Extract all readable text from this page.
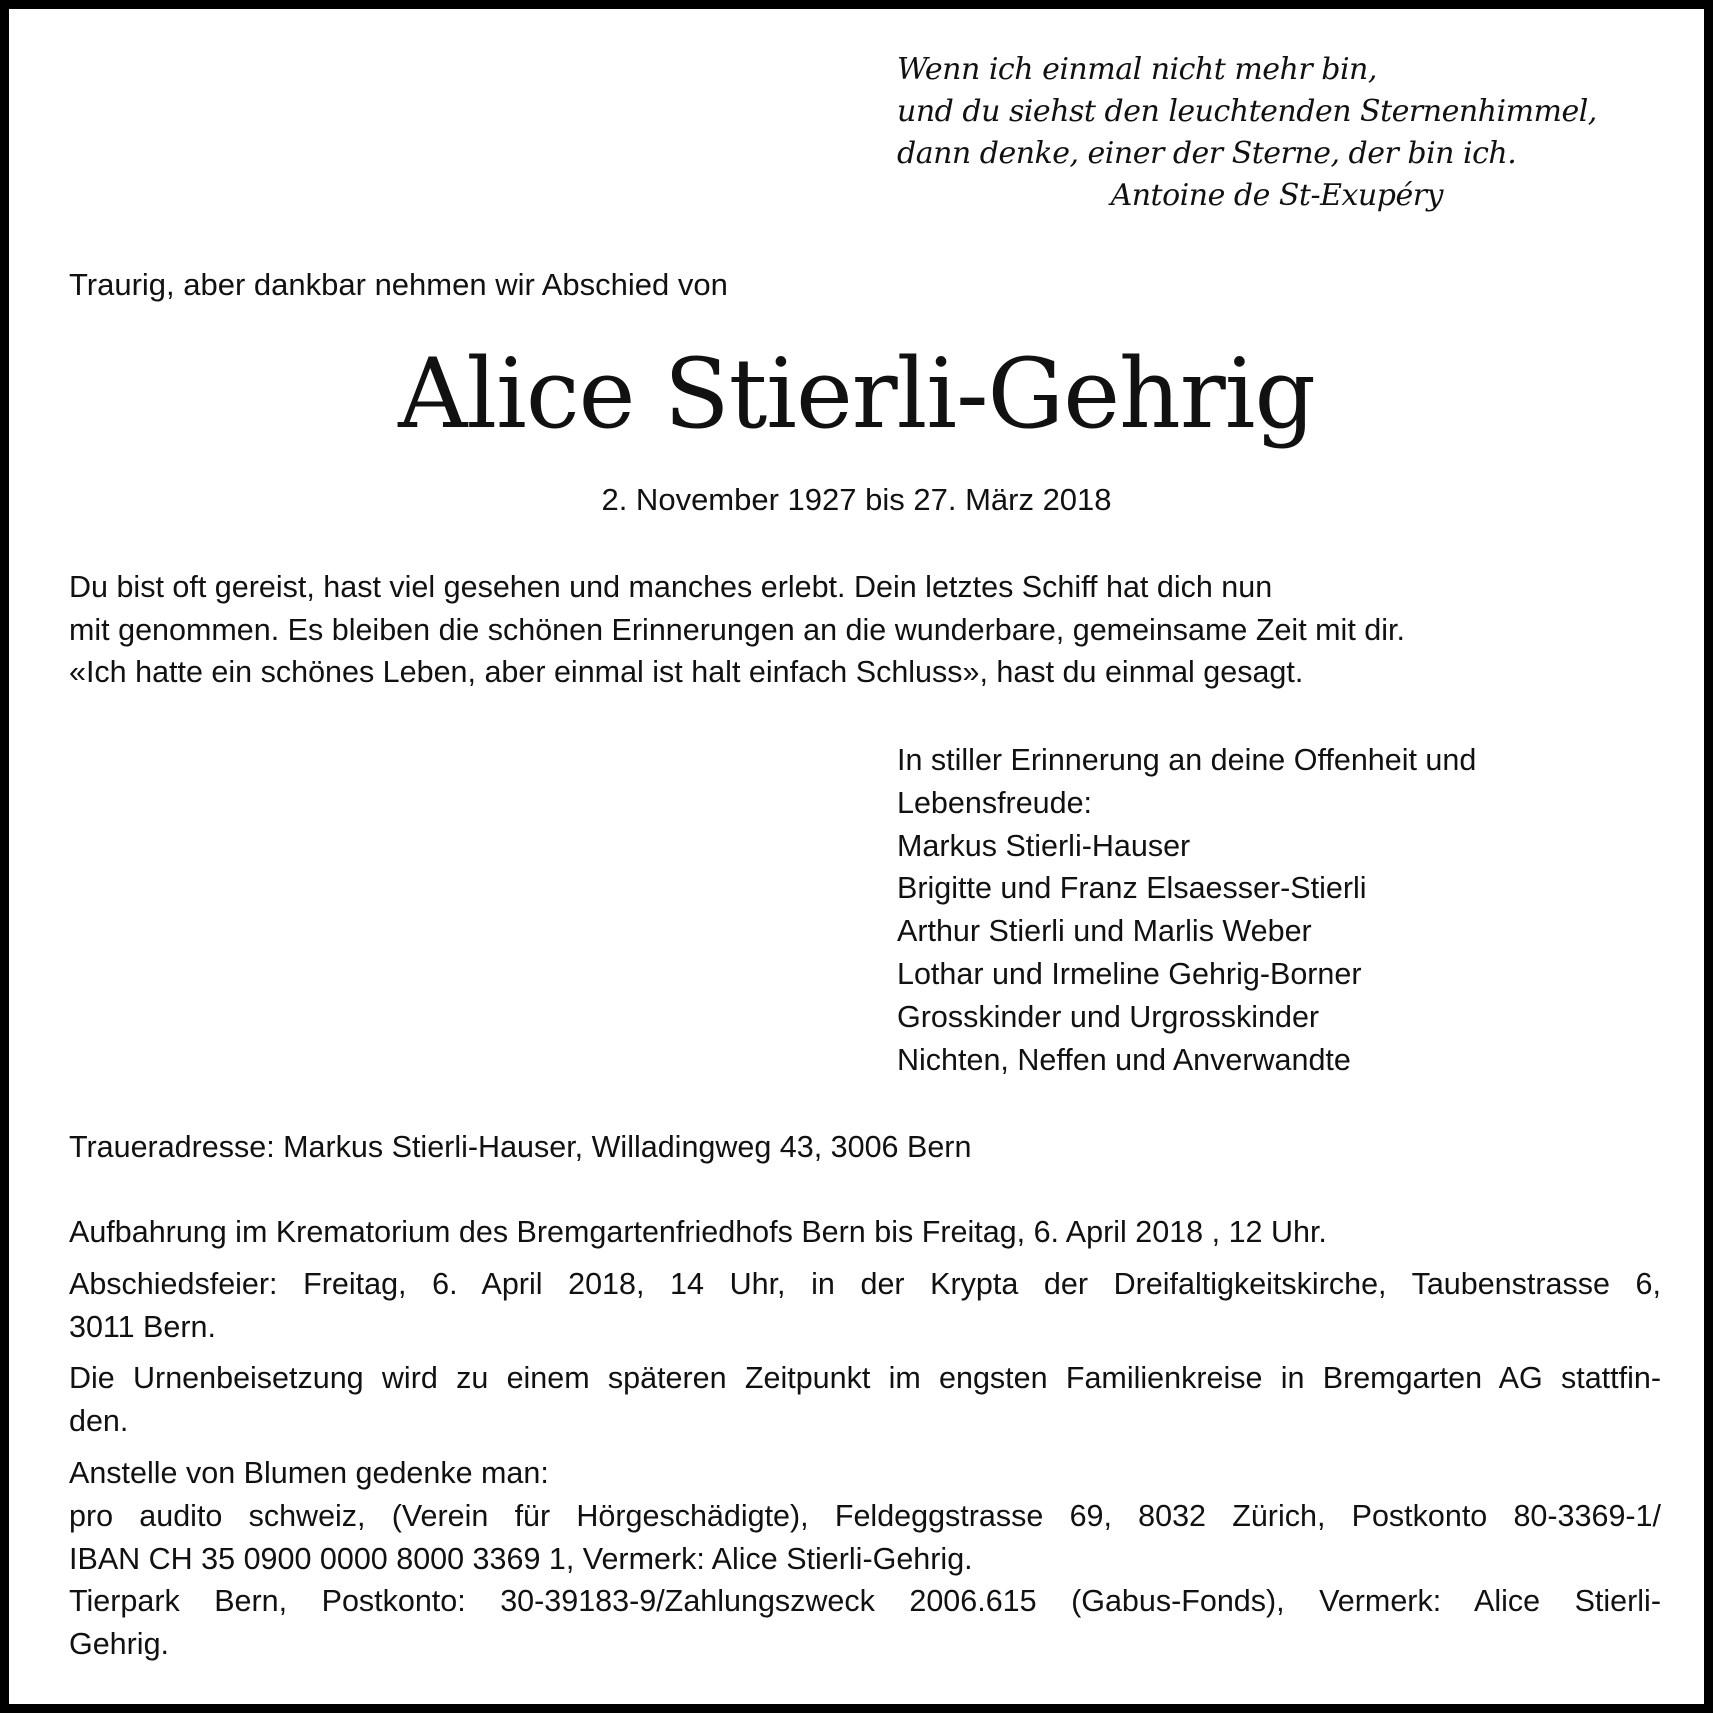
Wenn ich einmal nicht mehr bin,
und du siehst den leuchtenden Sternenhimmel,
dann denke, einer der Sterne, der bin ich.
Antoine de St-Exupéry
Traurig, aber dankbar nehmen wir Abschied von
Alice Stierli-Gehrig
2. November 1927 bis 27. März 2018
Du bist oft gereist, hast viel gesehen und manches erlebt. Dein letztes Schiff hat dich nun
mit genommen. Es bleiben die schönen Erinnerungen an die wunderbare, gemeinsame Zeit mit dir.
«Ich hatte ein schönes Leben, aber einmal ist halt einfach Schluss», hast du einmal gesagt.
In stiller Erinnerung an deine Offenheit und
Lebensfreude:
Markus Stierli-Hauser
Brigitte und Franz Elsaesser-Stierli
Arthur Stierli und Marlis Weber
Lothar und Irmeline Gehrig-Borner
Grosskinder und Urgrosskinder
Nichten, Neffen und Anverwandte
Traueradresse: Markus Stierli-Hauser, Willadingweg 43, 3006 Bern

Aufbahrung im Krematorium des Bremgartenfriedhofs Bern bis Freitag, 6. April 2018 , 12 Uhr.

Abschiedsfeier: Freitag, 6. April 2018, 14 Uhr, in der Krypta der Dreifaltigkeitskirche, Taubenstrasse 6,
3011 Bern.

Die Urnenbeisetzung wird zu einem späteren Zeitpunkt im engsten Familienkreise in Bremgarten AG stattfin-
den.

Anstelle von Blumen gedenke man:
pro audito schweiz, (Verein für Hörgeschädigte), Feldeggstrasse 69, 8032 Zürich, Postkonto 80-3369-1/
IBAN CH 35 0900 0000 8000 3369 1, Vermerk: Alice Stierli-Gehrig.
Tierpark Bern, Postkonto: 30-39183-9/Zahlungszweck 2006.615 (Gabus-Fonds), Vermerk: Alice Stierli-
Gehrig.
